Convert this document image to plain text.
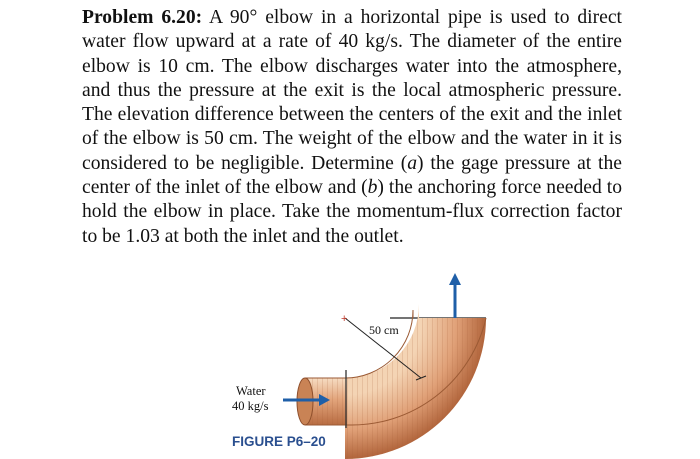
Problem 6.20: A 90° elbow in a horizontal pipe is used to direct water flow upward at a rate of 40 kg/s. The diameter of the entire elbow is 10 cm. The elbow discharges water into the atmosphere, and thus the pressure at the exit is the local atmospheric pressure. The elevation difference between the centers of the exit and the inlet of the elbow is 50 cm. The weight of the elbow and the water in it is considered to be negligible. Determine (a) the gage pressure at the center of the inlet of the elbow and (b) the anchoring force needed to hold the elbow in place. Take the momentum-flux correction factor to be 1.03 at both the inlet and the outlet.

+
50 cm
Water
40 kg/s
FIGURE P6–20
